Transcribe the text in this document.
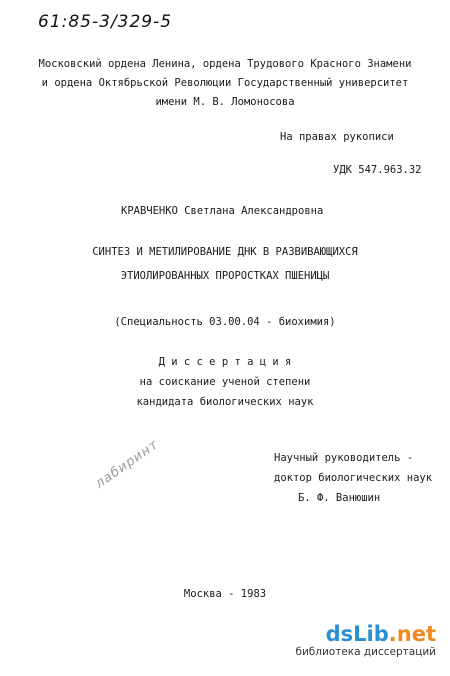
61:85-3/329-5
Московский ордена Ленина, ордена Трудового Красного Знамени
и ордена Октябрьской Революции Государственный университет
имени М. В. Ломоносова
На правах рукописи
УДК 547.963.32
КРАВЧЕНКО Светлана Александровна
СИНТЕЗ И МЕТИЛИРОВАНИЕ ДНК В РАЗВИВАЮЩИХСЯ
ЭТИОЛИРОВАННЫХ ПРОРОСТКАХ ПШЕНИЦЫ
(Специальность 03.00.04 - биохимия)
Д и с с е р т а ц и я
на соискание ученой степени
кандидата биологических наук
Научный руководитель -
доктор биологических наук
Б. Ф. Ванюшин
лабиринт
Москва - 1983
dsLib.net
библиотека диссертаций
